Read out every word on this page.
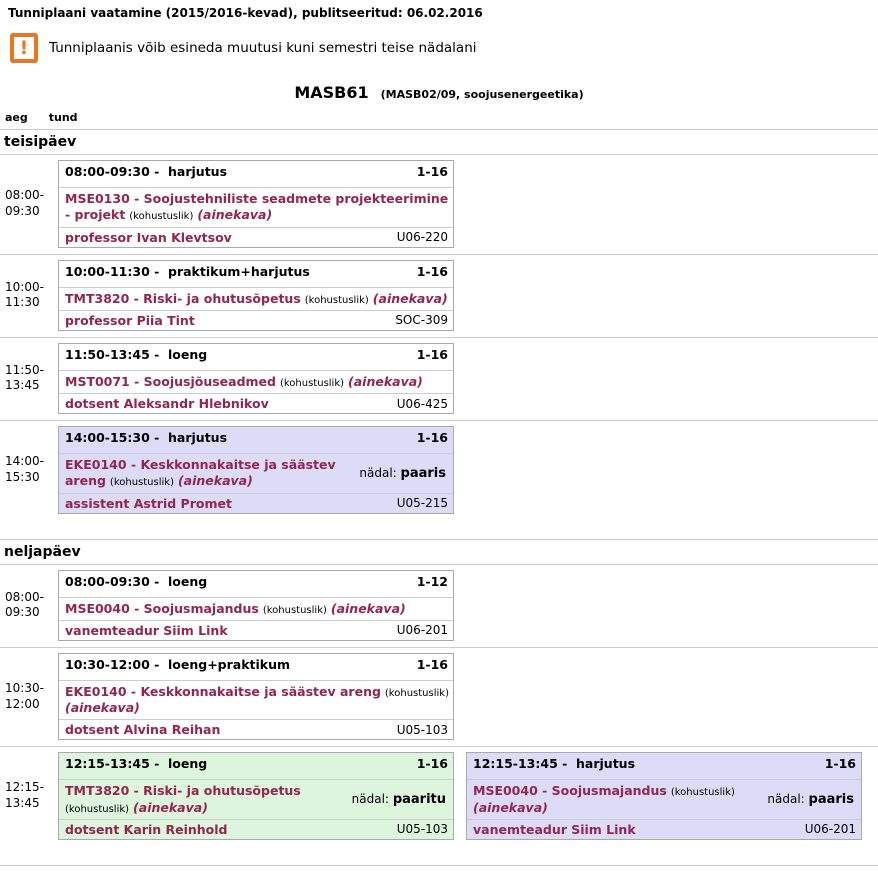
Tunniplaani vaatamine (2015/2016-kevad), publitseeritud: 06.02.2016
!	Tunniplaanis võib esineda muutusi kuni semestri teise nädalani
MASB61 (MASB02/09, soojusenergeetika)
aeg tund
teisipäev
08:00-
09:30
08:00-09:30 -  harjutus	1-16
MSE0130 - Soojustehniliste seadmete projekteerimine - projekt (kohustuslik) (ainekava)
professor Ivan Klevtsov	U06-220
10:00-
11:30
10:00-11:30 -  praktikum+harjutus	1-16
TMT3820 - Riski- ja ohutusõpetus (kohustuslik) (ainekava)
professor Piia Tint	SOC-309
11:50-
13:45
11:50-13:45 -  loeng	1-16
MST0071 - Soojusjõuseadmed (kohustuslik) (ainekava)
dotsent Aleksandr Hlebnikov	U06-425
14:00-
15:30
14:00-15:30 -  harjutus	1-16
EKE0140 - Keskkonnakaitse ja säästev areng (kohustuslik) (ainekava)
nädal: paaris
assistent Astrid Promet	U05-215
neljapäev
08:00-
09:30
08:00-09:30 -  loeng	1-12
MSE0040 - Soojusmajandus (kohustuslik) (ainekava)
vanemteadur Siim Link	U06-201
10:30-
12:00
10:30-12:00 -  loeng+praktikum	1-16
EKE0140 - Keskkonnakaitse ja säästev areng (kohustuslik) (ainekava)
dotsent Alvina Reihan	U05-103
12:15-
13:45
12:15-13:45 -  loeng	1-16
TMT3820 - Riski- ja ohutusõpetus (kohustuslik) (ainekava)
nädal: paaritu
dotsent Karin Reinhold	U05-103
12:15-13:45 -  harjutus	1-16
MSE0040 - Soojusmajandus (kohustuslik) (ainekava)
nädal: paaris
vanemteadur Siim Link	U06-201
